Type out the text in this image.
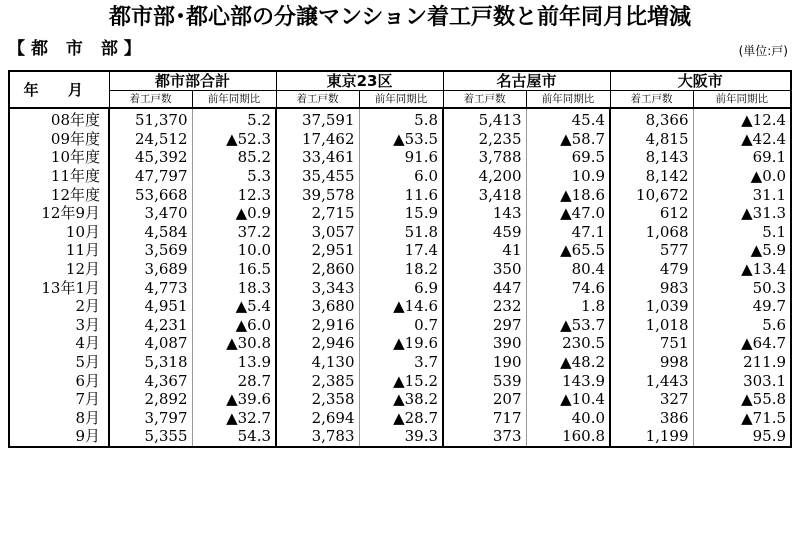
都市部･都心部の分譲マンション着工戸数と前年同月比増減
【都 市 部】	(単位:戸)
年 月	都市部合計		東京23区		名古屋市		大阪市	
	着工戸数	前年同期比	着工戸数	前年同期比	着工戸数	前年同期比	着工戸数	前年同期比
08年度	51,370	5.2	37,591	5.8	5,413	45.4	8,366	▲12.4
09年度	24,512	▲52.3	17,462	▲53.5	2,235	▲58.7	4,815	▲42.4
10年度	45,392	85.2	33,461	91.6	3,788	69.5	8,143	69.1
11年度	47,797	5.3	35,455	6.0	4,200	10.9	8,142	▲0.0
12年度	53,668	12.3	39,578	11.6	3,418	▲18.6	10,672	31.1
12年9月	3,470	▲0.9	2,715	15.9	143	▲47.0	612	▲31.3
10月	4,584	37.2	3,057	51.8	459	47.1	1,068	5.1
11月	3,569	10.0	2,951	17.4	41	▲65.5	577	▲5.9
12月	3,689	16.5	2,860	18.2	350	80.4	479	▲13.4
13年1月	4,773	18.3	3,343	6.9	447	74.6	983	50.3
2月	4,951	▲5.4	3,680	▲14.6	232	1.8	1,039	49.7
3月	4,231	▲6.0	2,916	0.7	297	▲53.7	1,018	5.6
4月	4,087	▲30.8	2,946	▲19.6	390	230.5	751	▲64.7
5月	5,318	13.9	4,130	3.7	190	▲48.2	998	211.9
6月	4,367	28.7	2,385	▲15.2	539	143.9	1,443	303.1
7月	2,892	▲39.6	2,358	▲38.2	207	▲10.4	327	▲55.8
8月	3,797	▲32.7	2,694	▲28.7	717	40.0	386	▲71.5
9月	5,355	54.3	3,783	39.3	373	160.8	1,199	95.9
